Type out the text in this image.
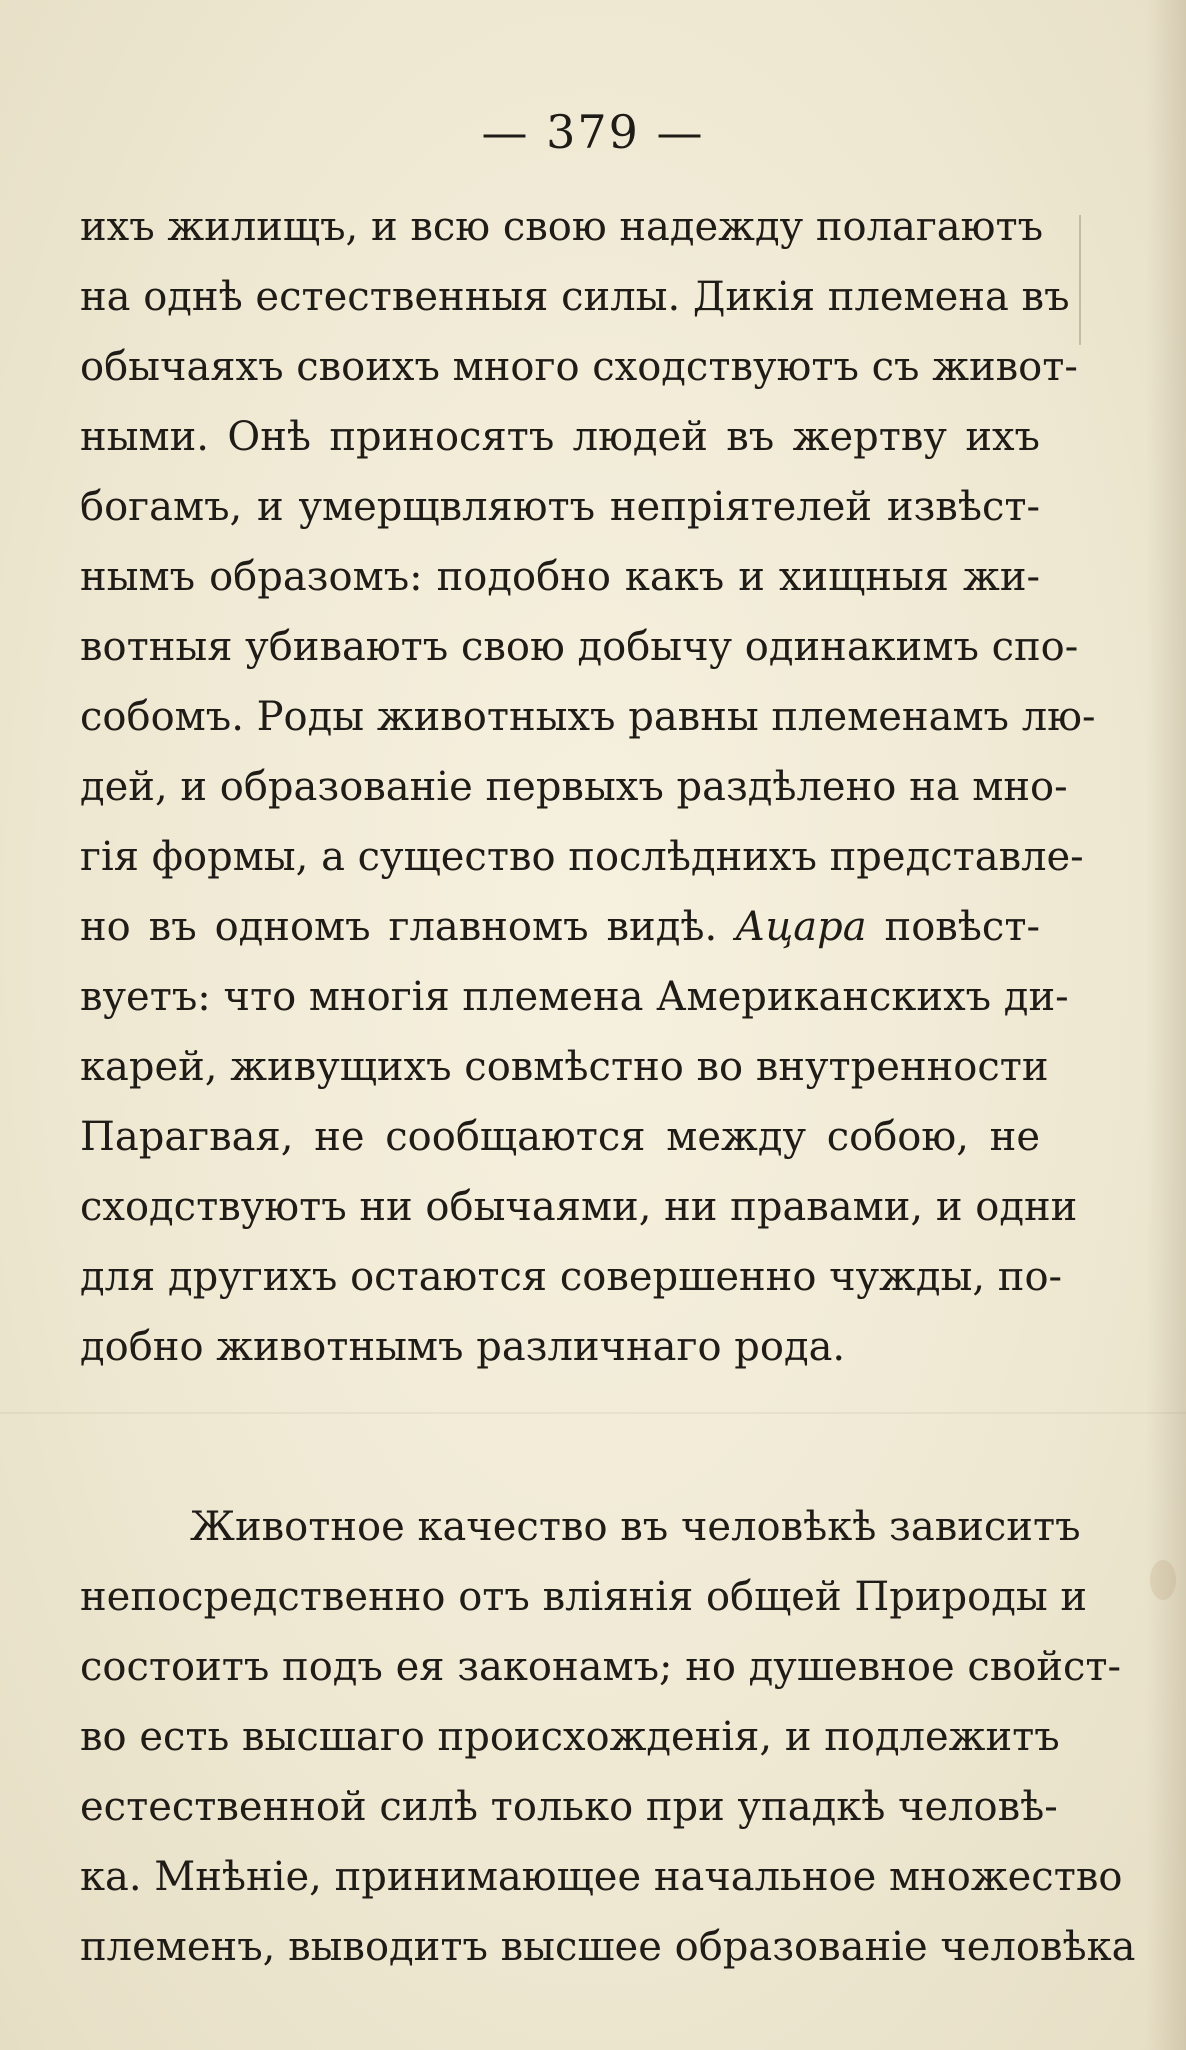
— 379 —
ихъ жилищъ, и всю свою надежду полагаютъ
на однѣ естественныя силы. Дикія племена въ
обычаяхъ своихъ много сходствуютъ съ живот-
ными. Онѣ приносятъ людей въ жертву ихъ
богамъ, и умерщвляютъ непріятелей извѣст-
нымъ образомъ: подобно какъ и хищныя жи-
вотныя убиваютъ свою добычу одинакимъ спо-
собомъ. Роды животныхъ равны племенамъ лю-
дей, и образованіе первыхъ раздѣлено на мно-
гія формы, а существо послѣднихъ представле-
но въ одномъ главномъ видѣ. Ацара повѣст-
вуетъ: что многія племена Американскихъ ди-
карей, живущихъ совмѣстно во внутренности
Парагвая, не сообщаются между собою, не
сходствуютъ ни обычаями, ни правами, и одни
для другихъ остаются совершенно чужды, по-
добно животнымъ различнаго рода.
Животное качество въ человѣкѣ зависитъ
непосредственно отъ вліянія общей Природы и
состоитъ подъ ея законамъ; но душевное свойст-
во есть высшаго происхожденія, и подлежитъ
естественной силѣ только при упадкѣ человѣ-
ка. Мнѣніе, принимающее начальное множество
племенъ, выводитъ высшее образованіе человѣка
